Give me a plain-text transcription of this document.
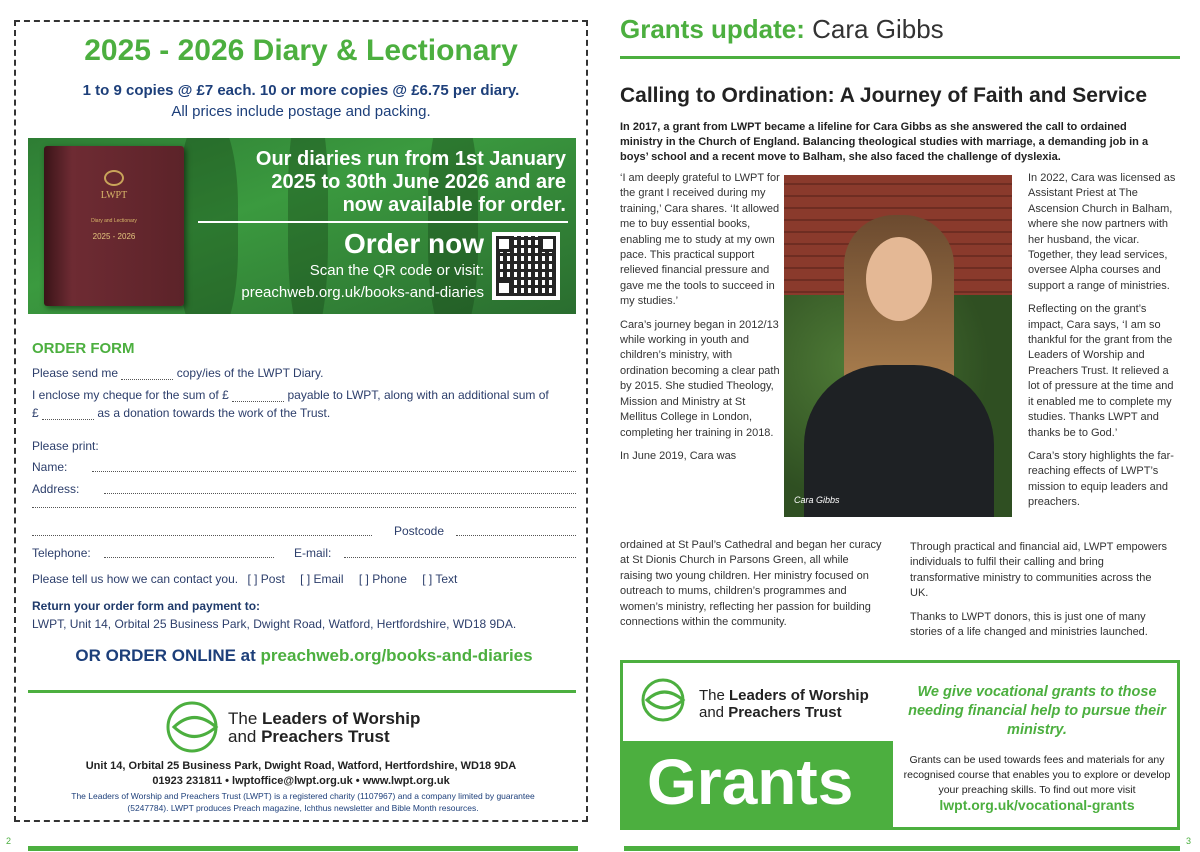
2025 - 2026 Diary & Lectionary
1 to 9 copies @ £7 each. 10 or more copies @ £6.75 per diary.
All prices include postage and packing.
LWPT
Diary and Lectionary
2025 - 2026
Our diaries run from 1st January
2025 to 30th June 2026 and are
now available for order.
Order now
Scan the QR code or visit:
preachweb.org.uk/books-and-diaries
ORDER FORM
Please send me	copy/ies of the LWPT Diary.
I enclose my cheque for the sum of £	payable to LWPT, along with an additional sum of
£	as a donation towards the work of the Trust.
Please print:
Name:
Address:
Postcode
Telephone:	E-mail:
Please tell us how we can contact you. [ ] Post [ ] Email [ ] Phone [ ] Text
Return your order form and payment to:
LWPT, Unit 14, Orbital 25 Business Park, Dwight Road, Watford, Hertfordshire, WD18 9DA.
OR ORDER ONLINE at preachweb.org/books-and-diaries
The Leaders of Worship
and Preachers Trust
Unit 14, Orbital 25 Business Park, Dwight Road, Watford, Hertfordshire, WD18 9DA
01923 231811 • lwptoffice@lwpt.org.uk • www.lwpt.org.uk
The Leaders of Worship and Preachers Trust (LWPT) is a registered charity (1107967) and a company limited by guarantee
(5247784). LWPT produces Preach magazine, Ichthus newsletter and Bible Month resources.
2
Grants update: Cara Gibbs
Calling to Ordination: A Journey of Faith and Service
In 2017, a grant from LWPT became a lifeline for Cara Gibbs as she answered the call to ordained ministry in the Church of England. Balancing theological studies with marriage, a demanding job in a boys’ school and a recent move to Balham, she also faced the challenge of dyslexia.

‘I am deeply grateful to LWPT for the grant I received during my training,’ Cara shares. ‘It allowed me to buy essential books, enabling me to study at my own pace. This practical support relieved financial pressure and gave me the tools to succeed in my studies.’

Cara’s journey began in 2012/13 while working in youth and children’s ministry, with ordination becoming a clear path by 2015. She studied Theology, Mission and Ministry at St Mellitus College in London, completing her training in 2018.

In June 2019, Cara was

ordained at St Paul’s Cathedral and began her curacy at St Dionis Church in Parsons Green, all while raising two young children. Her ministry focused on outreach to mums, children’s programmes and women’s ministry, reflecting her passion for building connections within the community.

Cara Gibbs

In 2022, Cara was licensed as Assistant Priest at The Ascension Church in Balham, where she now partners with her husband, the vicar. Together, they lead services, oversee Alpha courses and support a range of ministries.

Reflecting on the grant’s impact, Cara says, ‘I am so thankful for the grant from the Leaders of Worship and Preachers Trust. It relieved a lot of pressure at the time and it enabled me to complete my studies. Thanks LWPT and thanks be to God.’

Cara’s story highlights the far-reaching effects of LWPT’s mission to equip leaders and preachers.

Through practical and financial aid, LWPT empowers individuals to fulfil their calling and bring transformative ministry to communities across the UK.

Thanks to LWPT donors, this is just one of many stories of a life changed and ministries launched.

The Leaders of Worship
and Preachers Trust
Grants
We give vocational grants to those needing financial help to pursue their ministry.
Grants can be used towards fees and materials for any recognised course that enables you to explore or develop your preaching skills. To find out more visit
lwpt.org.uk/vocational-grants
3
